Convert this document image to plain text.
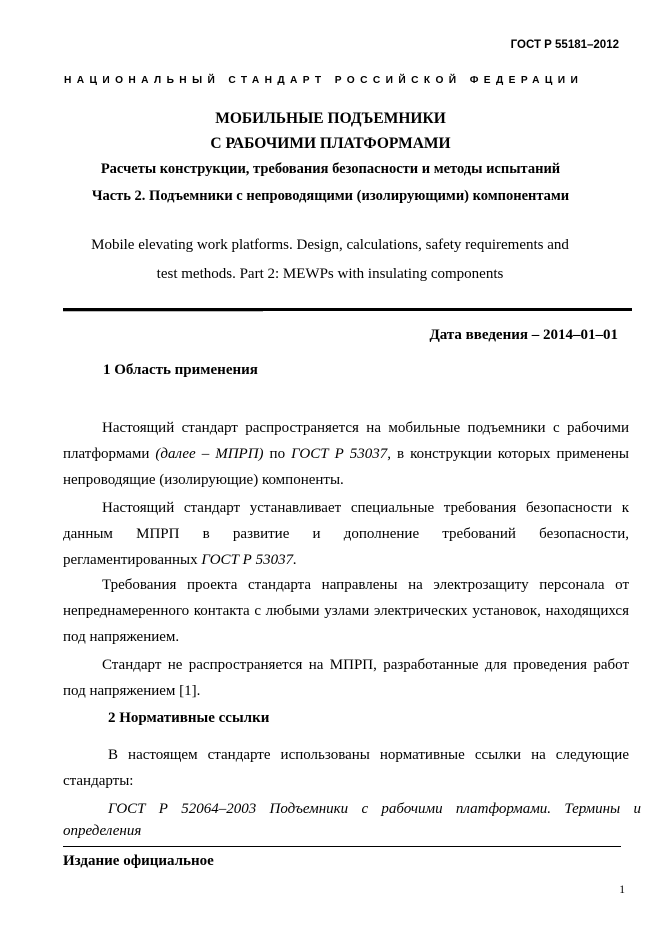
ГОСТ Р 55181–2012
НАЦИОНАЛЬНЫЙ СТАНДАРТ РОССИЙСКОЙ ФЕДЕРАЦИИ
МОБИЛЬНЫЕ ПОДЪЕМНИКИ
С РАБОЧИМИ ПЛАТФОРМАМИ
Расчеты конструкции, требования безопасности и методы испытаний
Часть 2. Подъемники с непроводящими (изолирующими) компонентами
Mobile elevating work platforms. Design, calculations, safety requirements and test methods. Part 2: MEWPs with insulating components
Дата введения – 2014–01–01
1 Область применения
Настоящий стандарт распространяется на мобильные подъемники с рабочими платформами (далее – МПРП) по ГОСТ Р 53037, в конструкции которых применены непроводящие (изолирующие) компоненты.
Настоящий стандарт устанавливает специальные требования безопасности к данным МПРП в развитие и дополнение требований безопасности, регламентированных ГОСТ Р 53037.
Требования проекта стандарта направлены на электрозащиту персонала от непреднамеренного контакта с любыми узлами электрических установок, находящихся под напряжением.
Стандарт не распространяется на МПРП, разработанные для проведения работ под напряжением [1].
2 Нормативные ссылки
В настоящем стандарте использованы нормативные ссылки на следующие стандарты:
ГОСТ Р 52064–2003 Подъемники с рабочими платформами. Термины и определения
Издание официальное
1
